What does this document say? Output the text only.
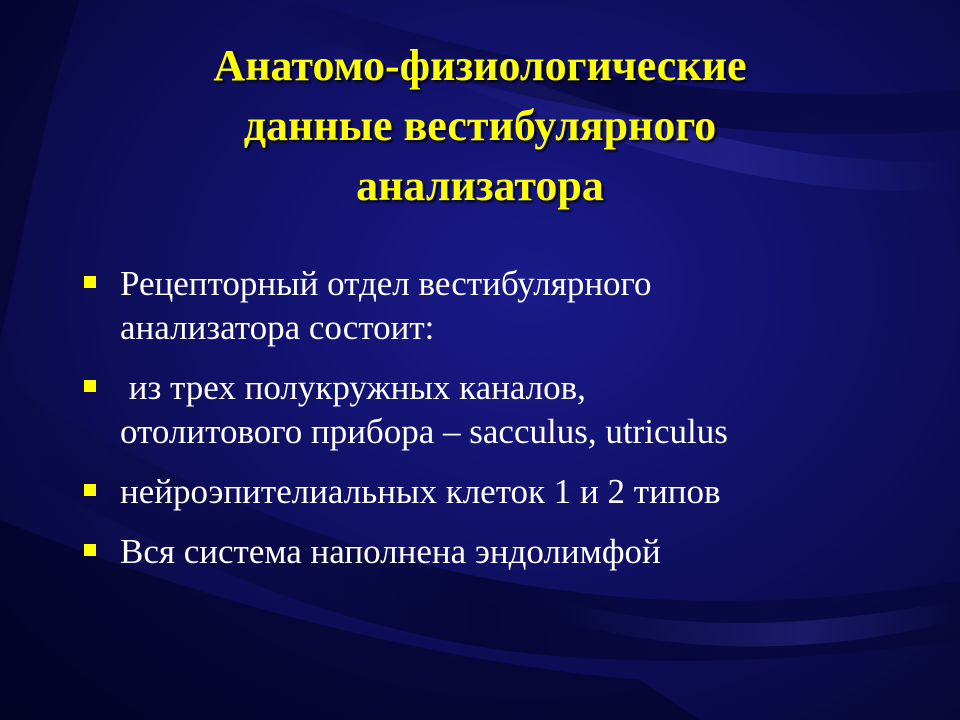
Анатомо-физиологические
данные вестибулярного
анализатора
Рецепторный отдел вестибулярного
анализатора состоит:
из трех полукружных каналов,
отолитового прибора – sacculus, utriculus
нейроэпителиальных клеток 1 и 2 типов
Вся система наполнена эндолимфой
